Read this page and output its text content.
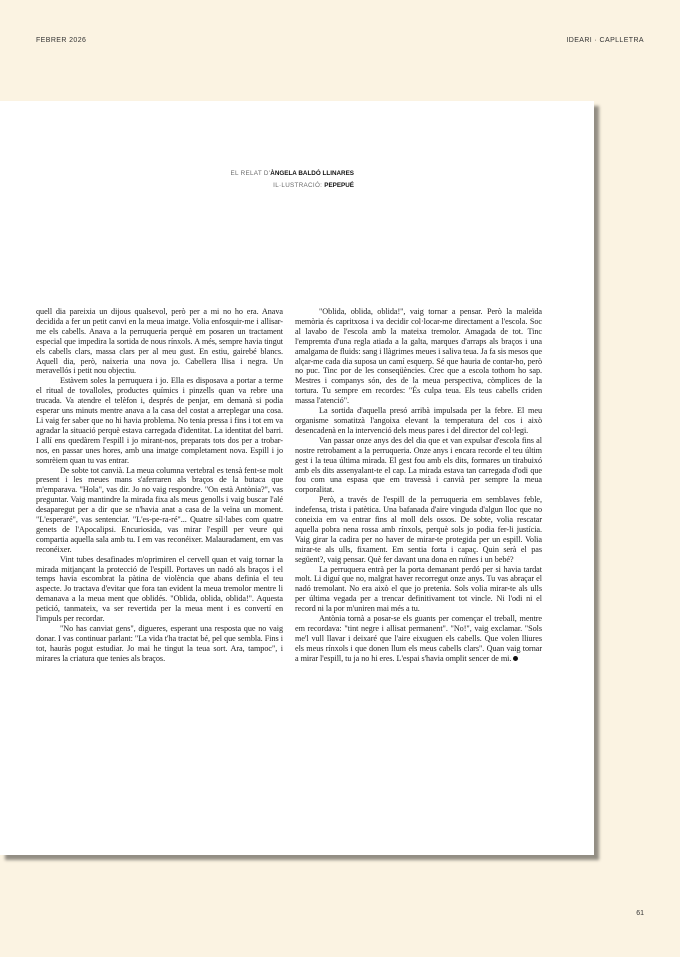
FEBRER 2026	IDEARI · CAPLLETRA
EL RELAT D'ÀNGELA BALDÓ LLINARES
IL·LUSTRACIÓ: PEPEPUÉ

quell dia pareixia un dijous qualsevol, però per a mi no ho era. Anava decidida a fer un petit canvi en la meua imatge. Volia enfosquir-me i allisar-me els cabells. Anava a la perruqueria perquè em posaren un tractament especial que impedira la sortida de nous rínxols. A més, sempre havia tingut els cabells clars, massa clars per al meu gust. En estiu, gairebé blancs. Aquell dia, però, naixeria una nova jo. Cabellera llisa i negra. Un meravellós i petit nou objectiu.

Estàvem soles la perruquera i jo. Ella es disposava a portar a terme el ritual de tovalloles, productes químics i pinzells quan va rebre una trucada. Va atendre el telèfon i, després de penjar, em demanà si podia esperar uns minuts mentre anava a la casa del costat a arreplegar una cosa. Li vaig fer saber que no hi havia problema. No tenia pressa i fins i tot em va agradar la situació perquè estava carregada d'identitat. La identitat del barri. I allí ens quedàrem l'espill i jo mirant-nos, preparats tots dos per a trobar-nos, en passar unes hores, amb una imatge completament nova. Espill i jo somrèiem quan tu vas entrar.

De sobte tot canvià. La meua columna vertebral es tensà fent-se molt present i les meues mans s'aferraren als braços de la butaca que m'emparava. "Hola", vas dir. Jo no vaig respondre. "On està Antònia?", vas preguntar. Vaig mantindre la mirada fixa als meus genolls i vaig buscar l'alé desaparegut per a dir que se n'havia anat a casa de la veïna un moment. "L'esperaré", vas sentenciar. "L'es-pe-ra-ré"... Quatre síl·labes com quatre genets de l'Apocalipsi. Encuriosida, vas mirar l'espill per veure qui compartia aquella sala amb tu. I em vas reconéixer. Malauradament, em vas reconéixer.

Vint tubes desafinades m'oprimiren el cervell quan et vaig tornar la mirada mitjançant la protecció de l'espill. Portaves un nadó als braços i el temps havia escombrat la pàtina de violència que abans definia el teu aspecte. Jo tractava d'evitar que fora tan evident la meua tremolor mentre li demanava a la meua ment que oblidés. "Oblida, oblida, oblida!". Aquesta petició, tanmateix, va ser revertida per la meua ment i es convertí en l'impuls per recordar.

"No has canviat gens", digueres, esperant una resposta que no vaig donar. I vas continuar parlant: "La vida t'ha tractat bé, pel que sembla. Fins i tot, hauràs pogut estudiar. Jo mai he tingut la teua sort. Ara, tampoc", i mirares la criatura que tenies als braços.

"Oblida, oblida, oblida!", vaig tornar a pensar. Però la maleïda memòria és capritxosa i va decidir col·locar-me directament a l'escola. Soc al lavabo de l'escola amb la mateixa tremolor. Amagada de tot. Tinc l'empremta d'una regla atiada a la galta, marques d'arraps als braços i una amalgama de fluids: sang i llàgrimes meues i saliva teua. Ja fa sis mesos que alçar-me cada dia suposa un camí esquerp. Sé que hauria de contar-ho, però no puc. Tinc por de les conseqüències. Crec que a escola tothom ho sap. Mestres i companys són, des de la meua perspectiva, còmplices de la tortura. Tu sempre em recordes: "És culpa teua. Els teus cabells criden massa l'atenció".

La sortida d'aquella presó arribà impulsada per la febre. El meu organisme somatitzà l'angoixa elevant la temperatura del cos i això desencadenà en la intervenció dels meus pares i del director del col·legi.

Van passar onze anys des del dia que et van expulsar d'escola fins al nostre retrobament a la perruqueria. Onze anys i encara recorde el teu últim gest i la teua última mirada. El gest fou amb els dits, formares un tirabuixó amb els dits assenyalant-te el cap. La mirada estava tan carregada d'odi que fou com una espasa que em travessà i canvià per sempre la meua corporalitat.

Però, a través de l'espill de la perruqueria em semblaves feble, indefensa, trista i patètica. Una bafanada d'aire vinguda d'algun lloc que no coneixia em va entrar fins al moll dels ossos. De sobte, volia rescatar aquella pobra nena rossa amb rínxols, perquè sols jo podia fer-li justícia. Vaig girar la cadira per no haver de mirar-te protegida per un espill. Volia mirar-te als ulls, fixament. Em sentia forta i capaç. Quin serà el pas següent?, vaig pensar. Què fer davant una dona en ruïnes i un bebé?

La perruquera entrà per la porta demanant perdó per si havia tardat molt. Li diguí que no, malgrat haver recorregut onze anys. Tu vas abraçar el nadó tremolant. No era això el que jo pretenia. Sols volia mirar-te als ulls per última vegada per a trencar definitivament tot vincle. Ni l'odi ni el record ni la por m'uniren mai més a tu.

Antònia tornà a posar-se els guants per començar el treball, mentre em recordava: "tint negre i allisat permanent". "No!", vaig exclamar. "Sols me'l vull llavar i deixaré que l'aire eixuguen els cabells. Que volen lliures els meus rínxols i que donen llum els meus cabells clars". Quan vaig tornar a mirar l'espill, tu ja no hi eres. L'espai s'havia omplit sencer de mi.

61
